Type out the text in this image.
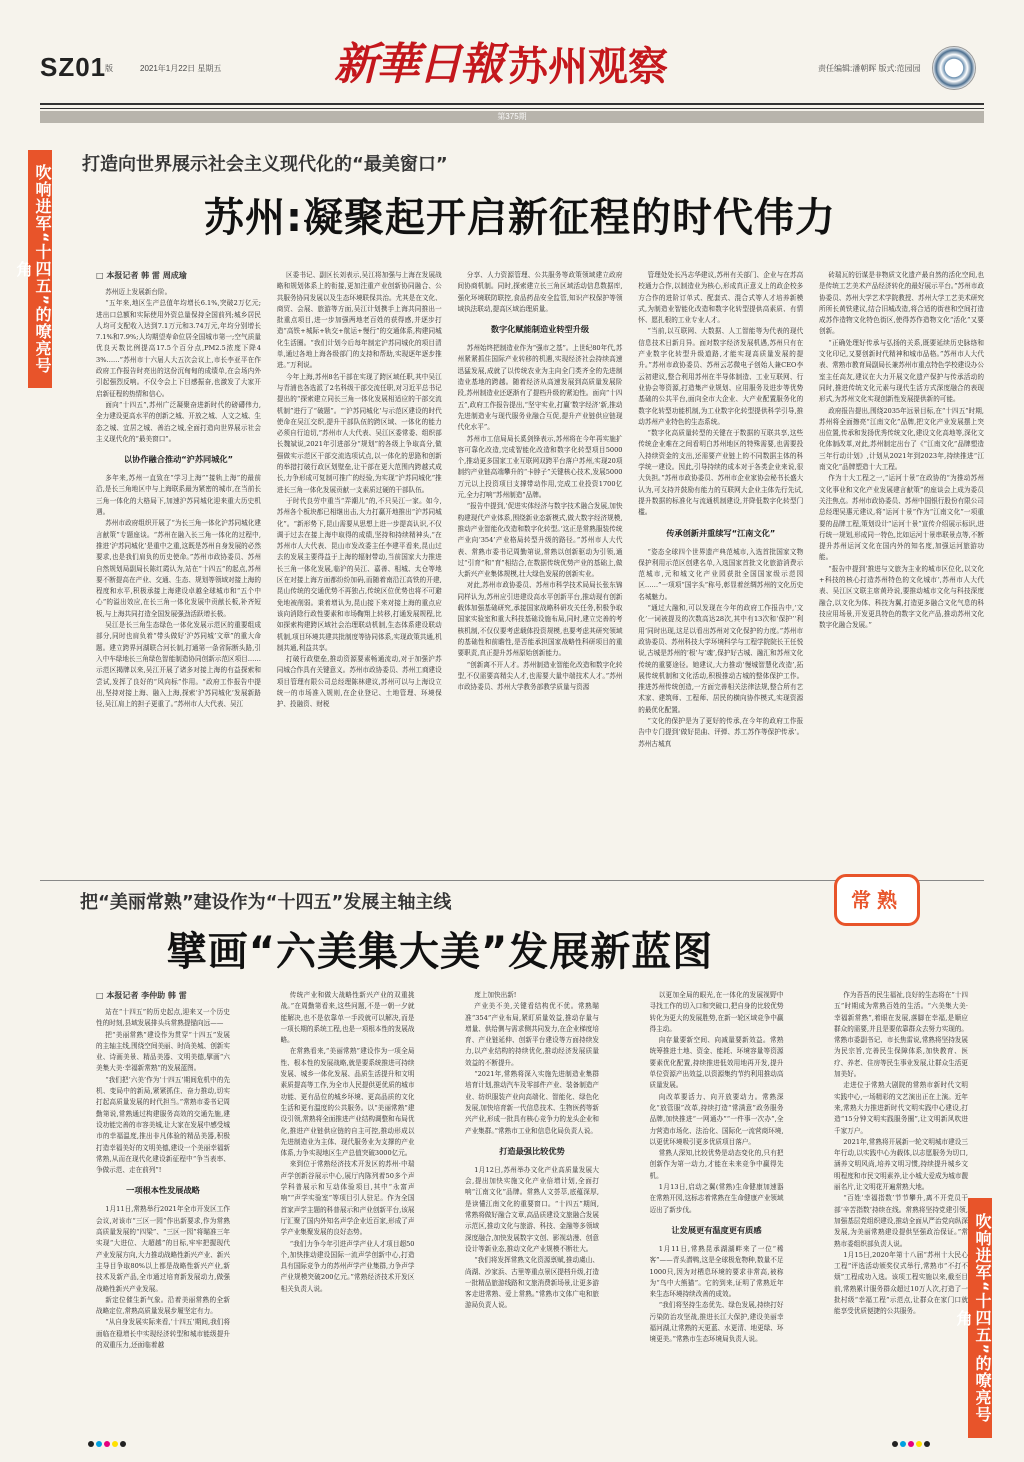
SZ01
版	2021年1月22日 星期五	新華日報 苏州观察	责任编辑:潘朝晖 版式:范园园
第375期
吹响进军“十四五”的嘹亮号角
吹响进军“十四五”的嘹亮号角
打造向世界展示社会主义现代化的“最美窗口”
苏州:凝聚起开启新征程的时代伟力
□ 本报记者 韩 雷 周成瑜

苏州迈上发展新台阶。

“五年来,地区生产总值年均增长6.1%,突破2万亿元;进出口总额和实际使用外资总量保持全国前列;城乡居民人均可支配收入达到7.1万元和3.74万元,年均分别增长7.1%和7.9%;人均期望寿命位居全国城市第一;空气质量优良天数比例提高17.5个百分点,PM2.5浓度下降43%……”苏州市十六届人大五次会议上,市长李亚平在作政府工作报告时亮出的这份沉甸甸的成绩单,在会场内外引起强烈反响。不仅令会上下目感振奋,也激发了大家开启新征程的热情和信心。

面向“十四五”,苏州广泛凝聚奋进新时代的磅礴伟力,全力建设更高水平的创新之城、开放之城、人文之城、生态之城、宜居之城、善治之城,全面打造向世界展示社会主义现代化的“最美窗口”。

以协作融合推动“沪苏同城化”

多年来,苏州一直致在“学习上海”“接轨上海”的最前沿,是长三角地区中与上海联系最为紧密的城市,在当前长三角一体化的大格局下,加速沪苏同城化迎来重大历史机遇。

苏州市政府组织开展了“为长三角一体化沪苏同城化建言献策”专题座谈。“苏州在融入长三角一体化的过程中,推进‘沪苏同城化’是重中之重,这既是苏州自身发展的必然要求,也是我们肩负的历史使命。”苏州市政协委员、苏州自然规划局副局长陈红霞认为,站在“十四五”的起点,苏州要不断提高在产业、交通、生态、规划等领域对接上海的程度和水平,积极承接上海建设卓越全球城市和“五个中心”的溢出效应,在长三角一体化发展中贡献长板,补齐短板,与上海共同打造全国发展强劲活跃增长极。

吴江是长三角生态绿色一体化发展示范区的重要组成部分,同时也肩负着“带头做好‘沪苏同城’文章”的重大命题。建立跨界河湖联合河长制,打通第一条省际断头路,引入中车绿地长三角绿色智能制造协同创新示范区项目……示范区揭牌以来,吴江开展了诸多对接上海的有益探索和尝试,发挥了良好的“风向标”作用。“政府工作报告中提出,坚持对接上海、融入上海,探索‘沪苏同城化’发展新路径,吴江肩上的担子更重了。”苏州市人大代表、吴江

区委书记、副区长刘表示,吴江将加强与上海在发展战略和规划体系上的衔接,更加注重产业创新协同融合、公共服务协同发展以及生态环境联保共治。尤其是在文化、商贸、会展、旅游等方面,吴江计划携手上海共同推出一批重点项目,进一步加强两地老百姓的获得感,并逐步打造“高铁+城际+轨交+航运+慢行”的交通体系,构建同城化生活圈。“我们计划今后每年制定沪苏同城化的项目清单,通过各地上海各级部门的支持和帮助,实现逐年逐步推进。”万利说。

今年上海,苏州8名干部在实现了跨区域任职,其中吴江与青浦也各选派了2名科级干部交流任职,对习近平总书记提出的“探索建立同长三角一体化发展相适应的干部交流机制”进行了“破题”。“‘沪苏同城化’与示范区建设的时代使命在吴江交织,提升干部队伍的跨区域、一体化的能力必须自行迫切,”苏州市人大代表、吴江区委常委、组织部长魏斌说,2021年引进部分“规划”的各级上争取高分,做强做实示范区干部交流选项试点,以一体化的思路和创新的举措打破行政区划壁垒,让干部在更大范围内跨越式成长,力争形成可复制可推广的经验,为实现“沪苏同城化”推进长三角一体化发展贡献一支素质过硬的干部队伍。

于时代良劳中重当“弄潮儿”的,不只吴江一家。如今,苏州各个板块都已相继出击,大力打赢开地推出“沪苏同城化”。“新形势下,昆山需要从思想上进一步提高认识,不仅调于过去在接上海中取得的成绩,坚持和持续精神头,“在苏州市人大代表、昆山市发改委主任李建平看来,昆山过去的发展主要得益于上海的辐射带动,当前国家大力推进长三角一体化发展,临沪的吴江、嘉善、相城、太仓等地区在对接上海方面都纷纷加码,而随着南沿江高铁的开建,昆山传统的交通优势不再独占,传统区位优势也将不可避免地被削弱。秉着增认为,昆山接下来对接上海的重点应该向消除行政性要素和市场鞠翔上转移,打通发展规程,比如探索构建跨区域社会治理联动机制,生态体系建设联动机制,项目环境共建共批制度等协同体系,实现政策共通,机制共通,利益共享。

打破行政壁垒,推动资源要素畅通流动,对于加强沪苏同城合作具有关键意义。苏州市政协委员、苏州工商建设项目管理有限公司总经理陈林建议,苏州可以与上海设立统一的市场准入规则,在企业登记、土地管理、环境保护、投融资、财税

分享、人力资源管理、公共服务等政策领域建立政府间协商机制。同时,探索建立长三角区域活动信息数据库,强化环境联防联控,食品药品安全监管,知识产权保护等领域执法联动,提高区域治理质量。

数字化赋能制造业转型升级

苏州始终把制造业作为“强市之基”。上世纪80年代,苏州紧紧抓住国际产业转移的机遇,实现经济社会持续高速迅猛发展,成就了以传统农业为主向全门类齐全的先进制造业基地的跨越。随着经济从高速发展到高质量发展阶段,苏州制造业还逐渐有了提档升级的紧迫性。面向“十四五”,政府工作报告提出,“坚守实业,打赢‘数字经济’新,推动先进制造业与现代服务业融合互促,提升产业链供应链现代化水平”。

苏州市工信局局长奚剑锋表示,苏州将在今年再实施扩容可靠化改造,完成智能化改造和数字化转型项目5000个,推动更多国家工业互联网双跨平台落户苏州,实现20项制约产业链高端攀升的“卡脖子”关键核心技术,发展5000万元以上投资项目支撑带动作用,完成工业投资1700亿元,全力打响“苏州制造”品牌。

“报告中提到,‘促进实体经济与数字技术融合发展,加快构建现代产业体系,围绕新业态新模式,做大数字经济规模,推动产业智能化改造和数字化转型。’这正是常熟服装传统产业向‘354’产业格局转型升级的路径。”苏州市人大代表、常熟市委书记周勤第说,常熟以创新驱动为引领,通过“引育”和“育”相结合,在数据传统优势产业的基础上,做大新兴产业集体规模,壮大绿色发展的创新实业。

对此,苏州市政协委员、苏州市科学技术局局长张东锦同样认为,苏州应引进建设高水平创新平台,推动现有创新载体加强基础研究,承接国家战略科研攻关任务,积极争取国家实验室和重大科技基础设施布局,同时,建立完善的考核机制,不仅仅要考虑载体投资规模,也要考虑其研究领域的基础性和前瞻性,是否能承担国家战略性科研项目的重要职责,真正提升苏州原始创新能力。

“创新离不开人才。苏州制造业智能化改造和数字化转型,不仅需要高精尖人才,也需要大量中端技术人才。”苏州市政协委员、苏州大学教务部教学质量与资源

管理处处长冯志华建议,苏州有关部门、企业与在苏高校通力合作,以制造业为核心,形成真正意义上的政企校多方合作的进阶订单式、配套式、混合式等人才培养新模式,为制造业智能化改造和数字化转型提供高素质、有情怀、愿扎根的工业专业人才。

“当前,以互联网、大数据、人工智能等为代表的现代信息技术日新月异。面对数字经济发展机遇,苏州只有在产业数字化转型升级道路,才能实现高质量发展的提升。”苏州市政协委员、苏州云芯微电子创始人兼CEO李云初建议,整合利用苏州在半导体制造、工业互联网、行业协会等资源,打造集产业规划、应用服务及进步等优势基础的公共平台,面向全市大企业、大产业配置服务化的数字化转型功能机制,为工业数字化转型提供科学引导,推动苏州产业特色的生态系统。

“数字化高质量转型的关键在于数据的互联共享,这些传统企业难在之间看明白苏州地区的特殊需要,也需要投入持续资金的支出,还需要产业链上的不同数据主体的科学统一建设。因此,引导持续的成本对于各类企业来说,很大负担。”苏州市政协委员、苏州市企业家协会秘书长盛大认为,可支持并鼓励有能力的互联网大企业主体先行先试,提升数据的标准化与流通机制建设,并降低数字化转型门槛。

传承创新并重续写“江南文化”

“姿态全球四个世界遗产典范城市,入选首批国家文物保护利用示范区创建名单,入选国家首批文化旅游消费示范城市,元和城文化产业园获批全国国家级示范园区……”一项项“国字头”称号,彰显着丝绸苏州的文化历史名城魅力。

“通过大融和,可以发现在今年的政府工作报告中,‘文化’一词被提及的次数高达28次,其中有13次和‘保护’‘利用’同时出现,这足以看出苏州对文化保护的力度。”苏州市政协委员、苏州科技大学环境科学与工程学院院长王任悦说,古城是苏州的‘根’与‘魂’,保护好古城、融汇和苏州文化传统的重要途径。她建议,大力推动‘慢城智慧化改造’,拓展传统机制和文化活动,积极推动古城的整体保护工作。推进苏州传统创造,一方面完善相关法律法规,整合所有艺术家、建筑师、工程师、居民的横向协作模式,实现资源的最优化配置。

“文化的保护是为了更好的传承,在今年的政府工作报告中专门提到‘做好昆曲、评弹、苏工苏作等保护传承’。苏州古城真

砖瑞瓦的衍谋是非物质文化遗产最自然的活化空间,也是传统工艺美术产品经济转化的最好展示平台。”苏州市政协委员、苏州大学艺术学院教授、苏州大学工艺美术研究所所长黄铁建议,结合旧城改造,将合适的街巷和空间打造成苏作造物文化特色街区,使得苏作造物文化“活化”又要创新。

“正确处理好传承与弘扬的关系,既要延续历史脉络和文化印记,又要创新时代精神和城市品格。”苏州市人大代表、常熟市教育局副局长兼苏州市重点特色学校建设办公室主任高友,建议在大力开展文化遗产保护与传承活动的同时,推进传统文化元素与现代生活方式深度融合的表现形式,为苏州文化实现创新性发展提供新的可能。

政府报告提出,围绕2035年远景目标,在“十四五”时期,苏州将全面擦亮“江南文化”品牌,把文化产业发展摆上突出位置,传承和发扬优秀传统文化,建设文化高地等,深化文化体制改革,对此,苏州制定出台了《“江南文化”品牌塑造三年行动计划》,计划从2021年到2023年,持续推进“江南文化”品牌塑造十大工程。

作为十大工程之一,“运河十景”在政协的“为推动苏州文化事业和文化产业发展建言献策”的座谈会上成为委员关注焦点。苏州市政协委员、苏州中国银行股份有限公司总经理吴惠元建议,将“运河十景”作为“江南文化”一项重要的品牌工程,策划设计“运河十景”宣传介绍展示标识,进行统一规划,形成同一特色,比如运河十景串联景点等,不断提升苏州运河文化在国内外的知名度,加强运河旅游功能。

“报告中提到‘推进与文旅为主业的城市区位化,以文化+科技的核心打造苏州特色的文化城市’,苏州市人大代表、吴江区文联主席黄玲说,要推动城市文化与科技深度融合,以文化为体、科技为翼,打造更多融合文化气息的科技应用场景,开发更具特色的数字文化产品,推动苏州文化数字化融合发展。”

把“美丽常熟”建设作为“十四五”发展主轴主线
擘画“六美集大美”发展新蓝图
常熟
□ 本报记者 李仲助 韩 雷

站在“十四五”的历史起点,迎来又一个历史性的时刻,县域发展排头兵常熟提锚向远——

把“美丽常熟”建设作为贯穿“十四五”发展的主轴主线,围绕空间美丽、时尚美城、创新实业、诗画美景、精品美器、文明美德,擘画“六美集大美·幸福新常熟”的发展蓝图。

“我们把‘六美’作为‘十四五’期间危机中的先机、变局中的新局,紧紧抓住、奋力推动,切实打起高质量发展的时代担当。”常熟市委书记周勤第说,常熟通过构建服务高效的交通先施,建设功能完善的市容美城,让大家在发展中感受城市的幸福温度,推出非凡体验的精品美器,积极打造幸福美好的文明美德,建设一个美丽幸福新常熟,从而在现代化建设新征程中“争当表率、争做示范、走在前列”!

一项根本性发展战略

1月11日,常熟举行2021年全市开发区工作会议,对该市“三区一园”作出新要求,作为常熟高质量发展的“四梁”、“三区一园”将瞄准三年实现“大进位、大超越”的目标,牢牢把握现代产业发展方向,大力推动战略性新兴产业、新兴主导目争取80%以上都是战略性新兴产业,新技术及新产品,全市通过培育新发展动力,做强战略性新兴产业发展。

新定位催生新气象。沿着美丽常熟的全新战略定位,常熟高质量发展步履坚定有力。

“从自身发展实际来看,‘十四五’期间,我们将面临在稳增长中实现经济转型和城市能级提升的双重压力,还面临着越

传统产业和做大战略性新兴产业的双重挑战。”在周勤第看来,这些问题,不是一朝一夕就能解决,也不是依靠单一手段就可以解决,而是一项长期的系统工程,也是一项根本性的发展战略。

在常熟看来,“美丽常熟”建设作为一项全局性、根本性的发展战略,就是要系统推进可持续发展、城乡一体化发展、品质生活提升和文明素质提高等工作,为全市人民提供更优质的城市功能、更有品位的城乡环境、更高品质的文化生活和更有温度的公共服务。以“美丽常熟”建设引领,常熟将全面推进产业结构调整和布局优化,推进产业链供应链的自主可控,推动形成以先进制造业为主体、现代服务业为支撑的产业体系,力争实现地区生产总值突破3000亿元。

来到位于常熟经济技术开发区的苏州·中瑞声学创新谷展示中心,展厅内陈列着50多个声学科普展示和互动体验项目,其中“永富声响”“声学实验室”等项目引人驻足。作为全国首家声学主题的科普展示和产业创新平台,该展厅汇聚了国内外知名声学企业近百家,形成了声学产业集聚发展的良好态势。

“我们力争今年引进声学产业人才项目超50个,加快推动建设国际一流声学创新中心,打造具有国际竞争力的苏州声学产业集群,力争声学产业规模突破200亿元。”常熟经济技术开发区相关负责人说。

度上加快出新!

产业美不美,关键看结构优不优。常熟瞄准“354”产业布局,紧盯质量效益,推动存量与增量、供给侧与需求侧共同发力,在企业梯度培育、产业链延伸、创新平台建设等方面持续发力,以产业结构的持续优化,推动经济发展质量效益的不断提升。

“2021年,常熟将深入实施先进制造业集群培育计划,推动汽车及零部件产业、装备制造产业、纺织服装产业向高端化、智能化、绿色化发展,加快培育新一代信息技术、生物医药等新兴产业,形成一批具有核心竞争力的龙头企业和产业集群。”常熟市工业和信息化局负责人说。

打造最强比较优势

1月12日,苏州举办文化产业高质量发展大会,提出加快实施文化产业倍增计划,全面打响“江南文化”品牌。常熟人文荟萃,底蕴深厚,是读懂江南文化的重要窗口。“十四五”期间,常熟将做好融合文章,高品质建设文旅融合发展示范区,推动文化与旅游、科技、金融等多领域深度融合,加快发展数字文创、影视动漫、创意设计等新业态,推动文化产业规模不断壮大。

“我们将发挥常熟文化资源禀赋,推动虞山、尚湖、沙家浜、古里等重点景区提档升级,打造一批精品旅游线路和文旅消费新场景,让更多游客走进常熟、爱上常熟。”常熟市文体广电和旅游局负责人说。

以更加全局的眼光,在一体化的发展视野中寻找工作的切入口和突破口,把自身的比较优势转化为更大的发展胜势,在新一轮区域竞争中赢得主动。

向存量要新空间、向减量要新效益。常熟统筹推进土地、资金、能耗、环境容量等资源要素优化配置,持续推进低效用地再开发,提升单位资源产出效益,以资源集约节约利用推动高质量发展。

向改革要活力、向开放要动力。常熟深化“放管服”改革,持续打造“常满意”政务服务品牌,加快推进“一网通办”“一件事一次办”,全力营造市场化、法治化、国际化一流营商环境,以更优环境吸引更多优质项目落户。

常熟人深知,比较优势是动态变化的,只有把创新作为第一动力,才能在未来竞争中赢得先机。

1月13日,启动之翼(常熟)生命健康加速器在常熟开园,这标志着常熟在生命健康产业领域迈出了新步伐。

让发展更有温度更有质感

1月11日,常熟昆承湖湖畔来了一位“稀客”——青头潜鸭,这是全球极危物种,数量不足1000只,因为对栖息环境的要求非常高,被称为“鸟中大熊猫”。它的到来,证明了常熟近年来生态环境持续改善的成效。

“我们将坚持生态优先、绿色发展,持续打好污染防治攻坚战,推进长江大保护,建设美丽幸福河湖,让常熟的天更蓝、水更清、地更绿、环境更美。”常熟市生态环境局负责人说。

作为吾吾的民生福祉,良好的生态将在“十四五”时期成为常熟百姓的生活。“六美集大美·幸福新常熟”,着眼在发展,落脚在幸福,是顺应群众的需要,并且是要依靠群众去努力实现的。常熟市委副书记、市长焦雷说,常熟将坚持发展为民宗旨,完善民生保障体系,加快教育、医疗、养老、住房等民生事业发展,让群众生活更加美好。

走进位于常熟大剧院的常熟市新时代文明实践中心,一场精彩的文艺演出正在上演。近年来,常熟大力推进新时代文明实践中心建设,打造“15分钟文明实践服务圈”,让文明新风吹进千家万户。

2021年,常熟将开展新一轮文明城市建设三年行动,以实践中心为载体,以志愿服务为切口,涵养文明风尚,培养文明习惯,持续提升城乡文明程度和市民文明素养,让小城大爱成为城市靓丽名片,让文明花开遍常熟大地。

“百姓‘幸福指数’节节攀升,离不开党员干部‘辛苦指数’持续在线。常熟将坚持党建引领,加强基层党组织建设,推动全面从严治党向纵深发展,为美丽常熟建设提供坚强政治保证。”常熟市委组织部负责人说。

1月15日,2020年第十八届“苏州十大民心工程”评选活动颁奖仪式举行,常熟市“不打不烦”工程成功入选。该项工程实施以来,截至目前,常熟累计服务群众超过10万人次,打造了一批村级“幸福工程”示范点,让群众在家门口就能享受优质便捷的公共服务。
